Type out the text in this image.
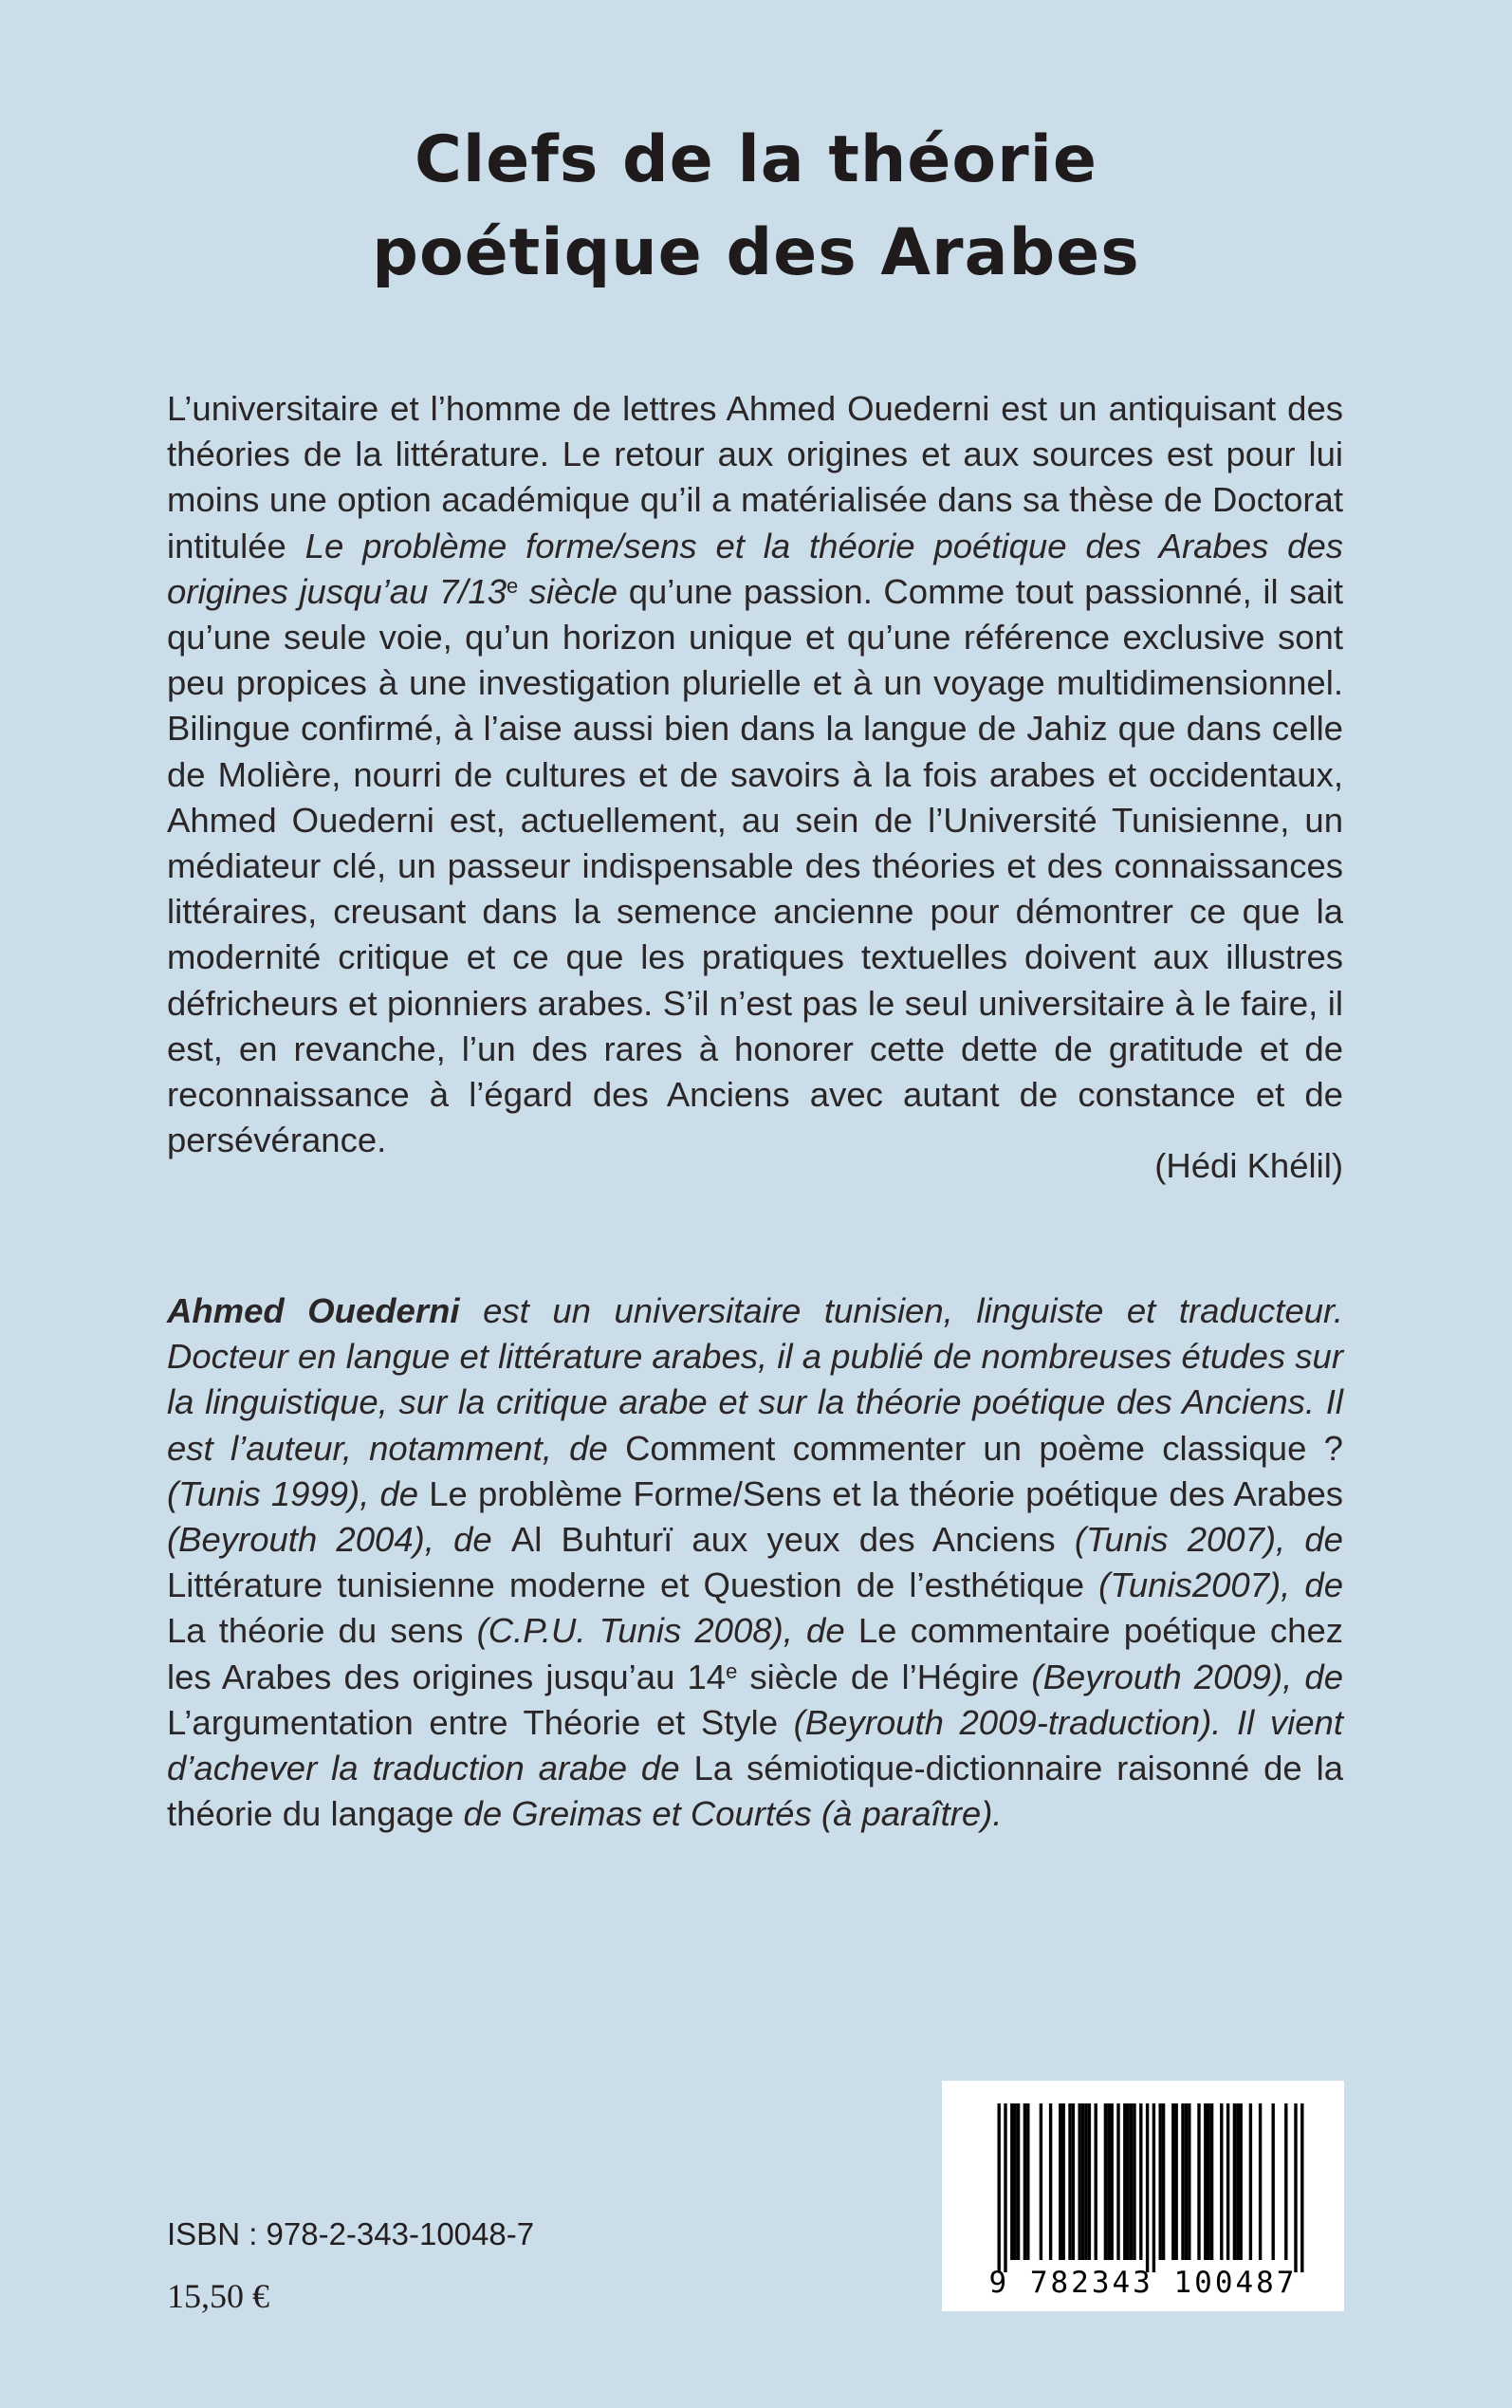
Clefs de la théorie
poétique des Arabes

L’universitaire et l’homme de lettres Ahmed Ouederni est un antiquisant des théories de la littérature. Le retour aux origines et aux sources est pour lui moins une option académique qu’il a matérialisée dans sa thèse de Doctorat intitulée Le problème forme/sens et la théorie poétique des Arabes des origines jusqu’au 7/13e siècle qu’une passion. Comme tout passionné, il sait qu’une seule voie, qu’un horizon unique et qu’une référence exclusive sont peu propices à une investigation plurielle et à un voyage multidimensionnel. Bilingue confirmé, à l’aise aussi bien dans la langue de Jahiz que dans celle de Molière, nourri de cultures et de savoirs à la fois arabes et occidentaux, Ahmed Ouederni est, actuellement, au sein de l’Université Tunisienne, un médiateur clé, un passeur indispensable des théories et des connaissances littéraires, creusant dans la semence ancienne pour démontrer ce que la modernité critique et ce que les pratiques textuelles doivent aux illustres défricheurs et pionniers arabes. S’il n’est pas le seul universitaire à le faire, il est, en revanche, l’un des rares à honorer cette dette de gratitude et de reconnaissance à l’égard des Anciens avec autant de constance et de persévérance.

(Hédi Khélil)

Ahmed Ouederni est un universitaire tunisien, linguiste et traducteur. Docteur en langue et littérature arabes, il a publié de nombreuses études sur la linguistique, sur la critique arabe et sur la théorie poétique des Anciens. Il est l’auteur, notamment, de Comment commenter un poème classique ? (Tunis 1999), de Le problème Forme/Sens et la théorie poétique des Arabes (Beyrouth 2004), de Al Buhturï aux yeux des Anciens (Tunis 2007), de Littérature tunisienne moderne et Question de l’esthétique (Tunis2007), de La théorie du sens (C.P.U. Tunis 2008), de Le commentaire poétique chez les Arabes des origines jusqu’au 14e siècle de l’Hégire (Beyrouth 2009), de L’argumentation entre Théorie et Style (Beyrouth 2009-traduction). Il vient d’achever la traduction arabe de La sémiotique-dictionnaire raisonné de la théorie du langage de Greimas et Courtés (à paraître).

ISBN : 978-2-343-10048-7
15,50 €	9 782343 100487
